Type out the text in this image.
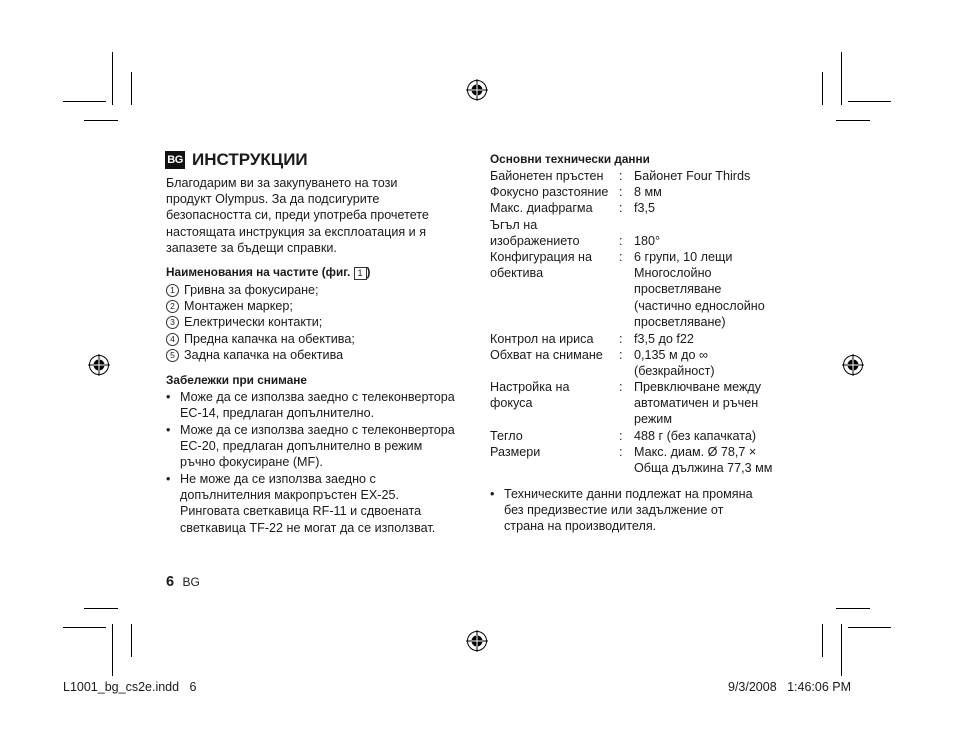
BG ИНСТРУКЦИИ
Благодарим ви за закупуването на този
продукт Olympus. За да подсигурите
безопасността си, преди употреба прочетете
настоящата инструкция за експлоатация и я
запазете за бъдещи справки.
Наименования на частите (фиг. 1 )
1 Гривна за фокусиране;
2 Монтажен маркер;
3 Електрически контакти;
4 Предна капачка на обектива;
5 Задна капачка на обектива
Забележки при снимане
• Може да се използва заедно с телеконвертора
EC-14, предлаган допълнително.
• Може да се използва заедно с телеконвертора
EC-20, предлаган допълнително в режим
ръчно фокусиране (MF).
• Не може да се използва заедно с
допълнителния макропръстен EX-25.
Ринговата светкавица RF-11 и сдвоената
светкавица TF-22 не могат да се използват.
6 BG
Основни технически данни
Байонетен пръстен : Байонет Four Thirds
Фокусно разстояние : 8 мм
Макс. диафрагма : f3,5
Ъгъл на
изображението	: 180°
Конфигурация на
обектива
: 6 групи, 10 лещи
Многослойно
просветляване
(частично еднослойно
просветляване)
Контрол на ириса : f3,5 до f22
Обхват на снимане : 0,135 м до ∞
(безкрайност)
Настройка на
фокуса
: Превключване между
автоматичен и ръчен
режим
Тегло	: 488 г (без капачката)
Размери	: Макс. диам. Ø 78,7 ×
Обща дължина 77,3 мм
• Техническите данни подлежат на промяна
без предизвестие или задължение от
страна на производителя.
L1001_bg_cs2e.indd   6	9/3/2008   1:46:06 PM
